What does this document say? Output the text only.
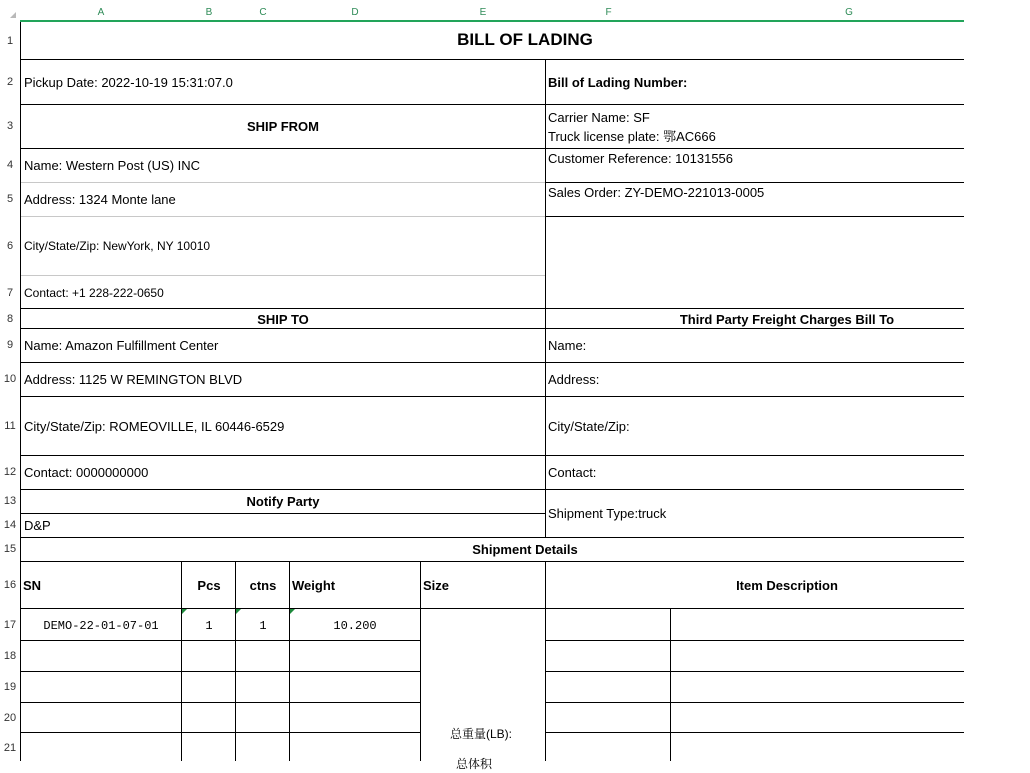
A	B	C	D	E	F	G
1
2
3
4
5
6
7
8
9
10
11
12
13
14
15
16
17
18
19
20
21
BILL OF LADING
Pickup Date: 2022-10-19 15:31:07.0	Bill of Lading Number:
SHIP FROM
Carrier Name: SF
Truck license plate: 鄂AC666
Name: Western Post (US) INC	Customer Reference: 10131556
Address: 1324 Monte lane	Sales Order: ZY-DEMO-221013-0005
City/State/Zip: NewYork, NY 10010
Contact: +1 228-222-0650
SHIP TO	Third Party Freight Charges Bill To
Name: Amazon Fulfillment Center	Name:
Address: 1125 W REMINGTON BLVD	Address:
City/State/Zip: ROMEOVILLE, IL 60446-6529	City/State/Zip:
Contact: 0000000000	Contact:
Notify Party
D&P
Shipment Type:truck
Shipment Details
SN	Pcs	ctns	Weight	Size	Item Description
DEMO-22-01-07-01	1	1	10.200
总重量(LB):
总体积
